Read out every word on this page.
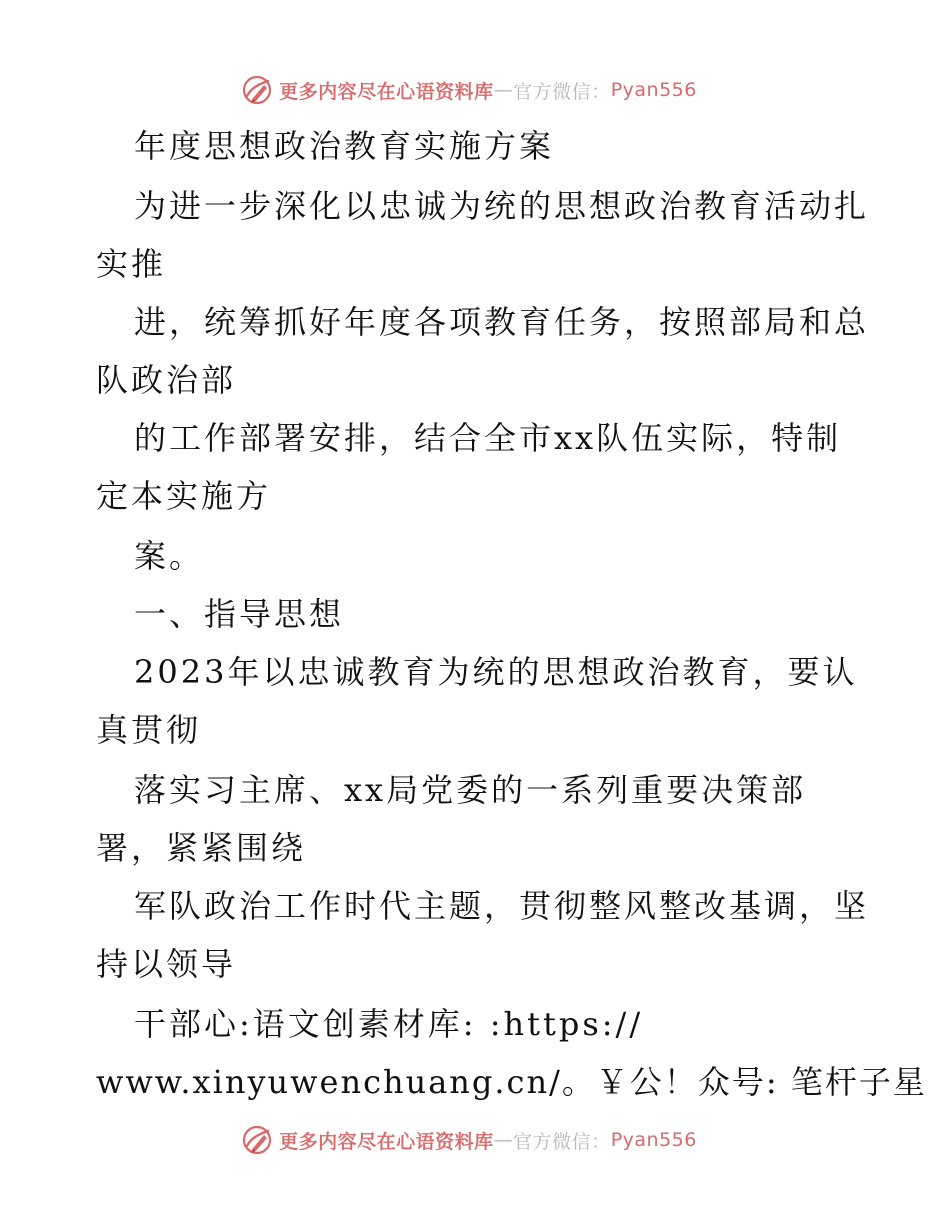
更多内容尽在心语资料库 — 官方微信： Pyan556
年度思想政治教育实施方案
为进一步深化以忠诚为统的思想政治教育活动扎
实推
进，统筹抓好年度各项教育任务，按照部局和总
队政治部
的工作部署安排，结合全市xx队伍实际，特制
定本实施方
案。
一、指导思想
2023年以忠诚教育为统的思想政治教育，要认
真贯彻
落实习主席、xx局党委的一系列重要决策部
署，紧紧围绕
军队政治工作时代主题，贯彻整风整改基调，坚
持以领导
干部心:语文创素材库: :https://
www.xinyuwenchuang.cn/。￥公！众号: 笔杆子星
更多内容尽在心语资料库 — 官方微信： Pyan556
